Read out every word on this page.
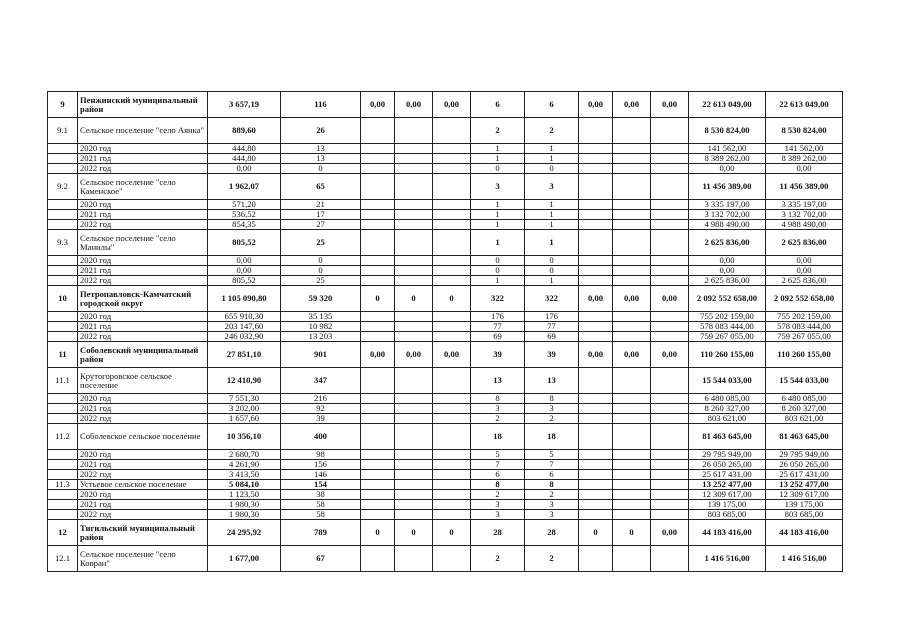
9	Пенжинский муниципальный район	3 657,19	116	0,00	0,00	0,00	6	6	0,00	0,00	0,00	22 613 049,00	22 613 049,00
9.1	Сельское поселение "село Аянка"	889,60	26				2	2				8 530 824,00	8 530 824,00
	2020 год	444,80	13				1	1				141 562,00	141 562,00
	2021 год	444,80	13				1	1				8 389 262,00	8 389 262,00
	2022 год	0,00	0				0	0				0,00	0,00
9.2	Сельское поселение "село Каменское"	1 962,07	65				3	3				11 456 389,00	11 456 389,00
	2020 год	571,20	21				1	1				3 335 197,00	3 335 197,00
	2021 год	536,52	17				1	1				3 132 702,00	3 132 702,00
	2022 год	854,35	27				1	1				4 988 490,00	4 988 490,00
9.3	Сельское поселение "село Манилы"	805,52	25				1	1				2 625 836,00	2 625 836,00
	2020 год	0,00	0				0	0				0,00	0,00
	2021 год	0,00	0				0	0				0,00	0,00
	2022 год	805,52	25				1	1				2 625 836,00	2 625 836,00
10	Петропавловск-Камчатский городской округ	1 105 090,80	59 320	0	0	0	322	322	0,00	0,00	0,00	2 092 552 658,00	2 092 552 658,00
	2020 год	655 910,30	35 135				176	176				755 202 159,00	755 202 159,00
	2021 год	203 147,60	10 982				77	77				578 083 444,00	578 083 444,00
	2022 год	246 032,90	13 203				69	69				759 267 055,00	759 267 055,00
11	Соболевский муниципальный район	27 851,10	901	0,00	0,00	0,00	39	39	0,00	0,00	0,00	110 260 155,00	110 260 155,00
11.1	Крутогоровское сельское поселение	12 410,90	347				13	13				15 544 033,00	15 544 033,00
	2020 год	7 551,30	216				8	8				6 480 085,00	6 480 085,00
	2021 год	3 202,00	92				3	3				8 260 327,00	8 260 327,00
	2022 год	1 657,60	39				2	2				803 621,00	803 621,00
11.2	Соболевское сельское поселение	10 356,10	400				18	18				81 463 645,00	81 463 645,00
	2020 год	2 680,70	98				5	5				29 795 949,00	29 795 949,00
	2021 год	4 261,90	156				7	7				26 050 265,00	26 050 265,00
	2022 год	3 413,50	146				6	6				25 617 431,00	25 617 431,00
11.3	Устьевое сельское поселение	5 084,10	154				8	8				13 252 477,00	13 252 477,00
	2020 год	1 123,50	38				2	2				12 309 617,00	12 309 617,00
	2021 год	1 980,30	58				3	3				139 175,00	139 175,00
	2022 год	1 980,30	58				3	3				803 685,00	803 685,00
12	Тигильский муниципальный район	24 295,92	789	0	0	0	28	28	0	0	0,00	44 183 416,00	44 183 416,00
12.1	Сельское поселение "село Ковран"	1 677,00	67				2	2				1 416 516,00	1 416 516,00
